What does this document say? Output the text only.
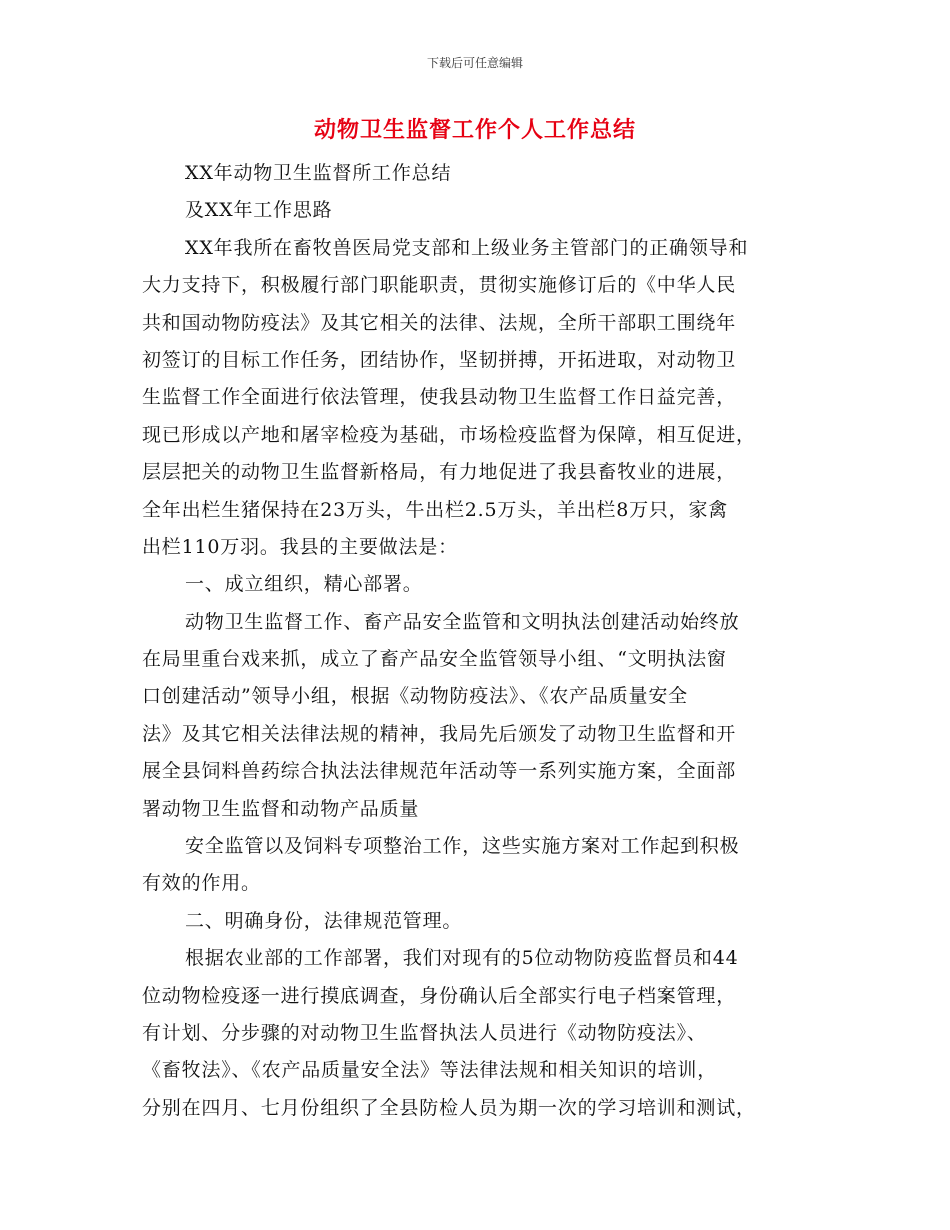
下载后可任意编辑
动物卫生监督工作个人工作总结
XX年动物卫生监督所工作总结
及XX年工作思路
XX年我所在畜牧兽医局党支部和上级业务主管部门的正确领导和
大力支持下，积极履行部门职能职责，贯彻实施修订后的《中华人民
共和国动物防疫法》及其它相关的法律、法规，全所干部职工围绕年
初签订的目标工作任务，团结协作，坚韧拼搏，开拓进取，对动物卫
生监督工作全面进行依法管理，使我县动物卫生监督工作日益完善，
现已形成以产地和屠宰检疫为基础，市场检疫监督为保障，相互促进，
层层把关的动物卫生监督新格局，有力地促进了我县畜牧业的进展，
全年出栏生猪保持在23万头，牛出栏2.5万头，羊出栏8万只，家禽
出栏110万羽。我县的主要做法是：
一、成立组织，精心部署。
动物卫生监督工作、畜产品安全监管和文明执法创建活动始终放
在局里重台戏来抓，成立了畜产品安全监管领导小组、“文明执法窗
口创建活动”领导小组，根据《动物防疫法》、《农产品质量安全
法》及其它相关法律法规的精神，我局先后颁发了动物卫生监督和开
展全县饲料兽药综合执法法律规范年活动等一系列实施方案，全面部
署动物卫生监督和动物产品质量
安全监管以及饲料专项整治工作，这些实施方案对工作起到积极
有效的作用。
二、明确身份，法律规范管理。
根据农业部的工作部署，我们对现有的5位动物防疫监督员和44
位动物检疫逐一进行摸底调查，身份确认后全部实行电子档案管理，
有计划、分步骤的对动物卫生监督执法人员进行《动物防疫法》、
《畜牧法》、《农产品质量安全法》等法律法规和相关知识的培训，
分别在四月、七月份组织了全县防检人员为期一次的学习培训和测试，
